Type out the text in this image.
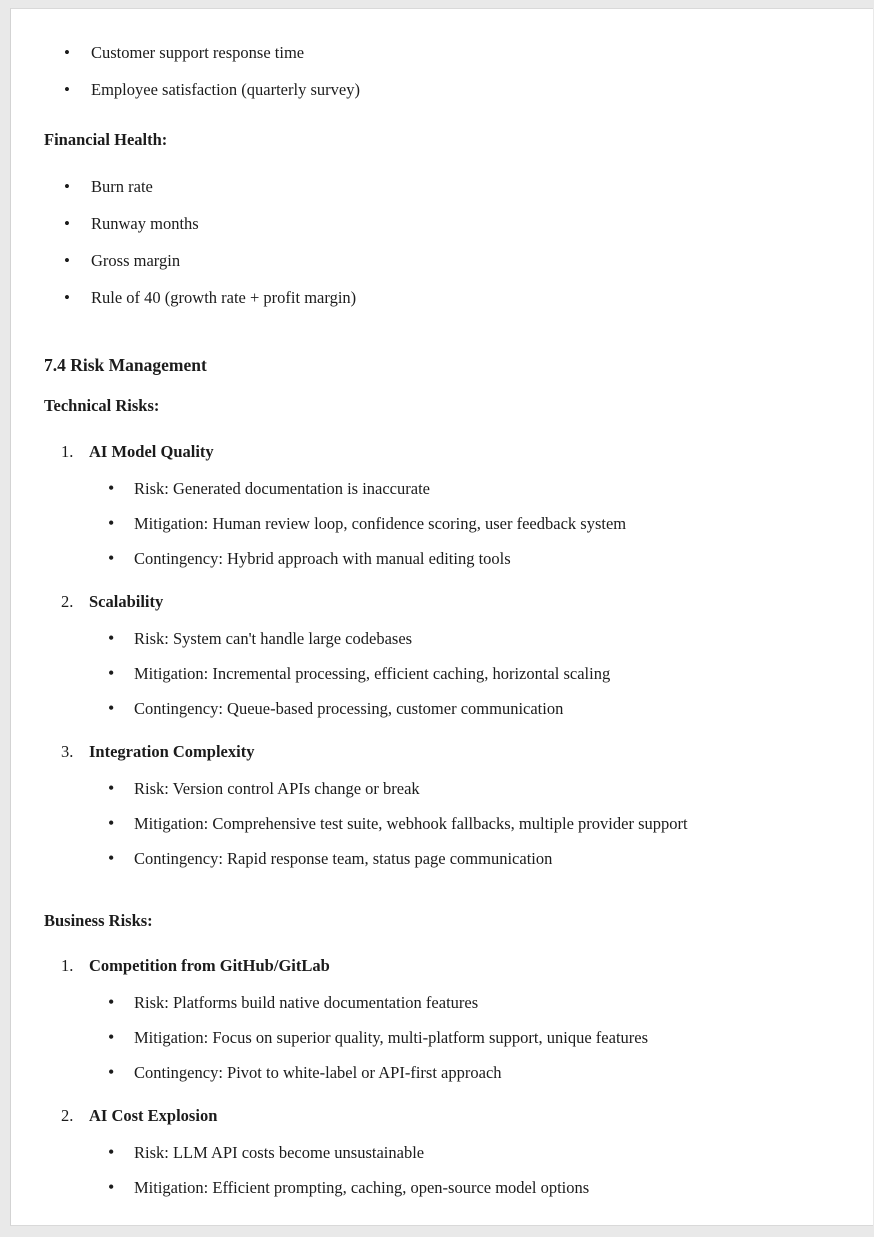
• Customer support response time
• Employee satisfaction (quarterly survey)
Financial Health:
• Burn rate
• Runway months
• Gross margin
• Rule of 40 (growth rate + profit margin)
7.4 Risk Management
Technical Risks:
1. AI Model Quality
• Risk: Generated documentation is inaccurate
• Mitigation: Human review loop, confidence scoring, user feedback system
• Contingency: Hybrid approach with manual editing tools
2. Scalability
• Risk: System can't handle large codebases
• Mitigation: Incremental processing, efficient caching, horizontal scaling
• Contingency: Queue-based processing, customer communication
3. Integration Complexity
• Risk: Version control APIs change or break
• Mitigation: Comprehensive test suite, webhook fallbacks, multiple provider support
• Contingency: Rapid response team, status page communication
Business Risks:
1. Competition from GitHub/GitLab
• Risk: Platforms build native documentation features
• Mitigation: Focus on superior quality, multi-platform support, unique features
• Contingency: Pivot to white-label or API-first approach
2. AI Cost Explosion
• Risk: LLM API costs become unsustainable
• Mitigation: Efficient prompting, caching, open-source model options
